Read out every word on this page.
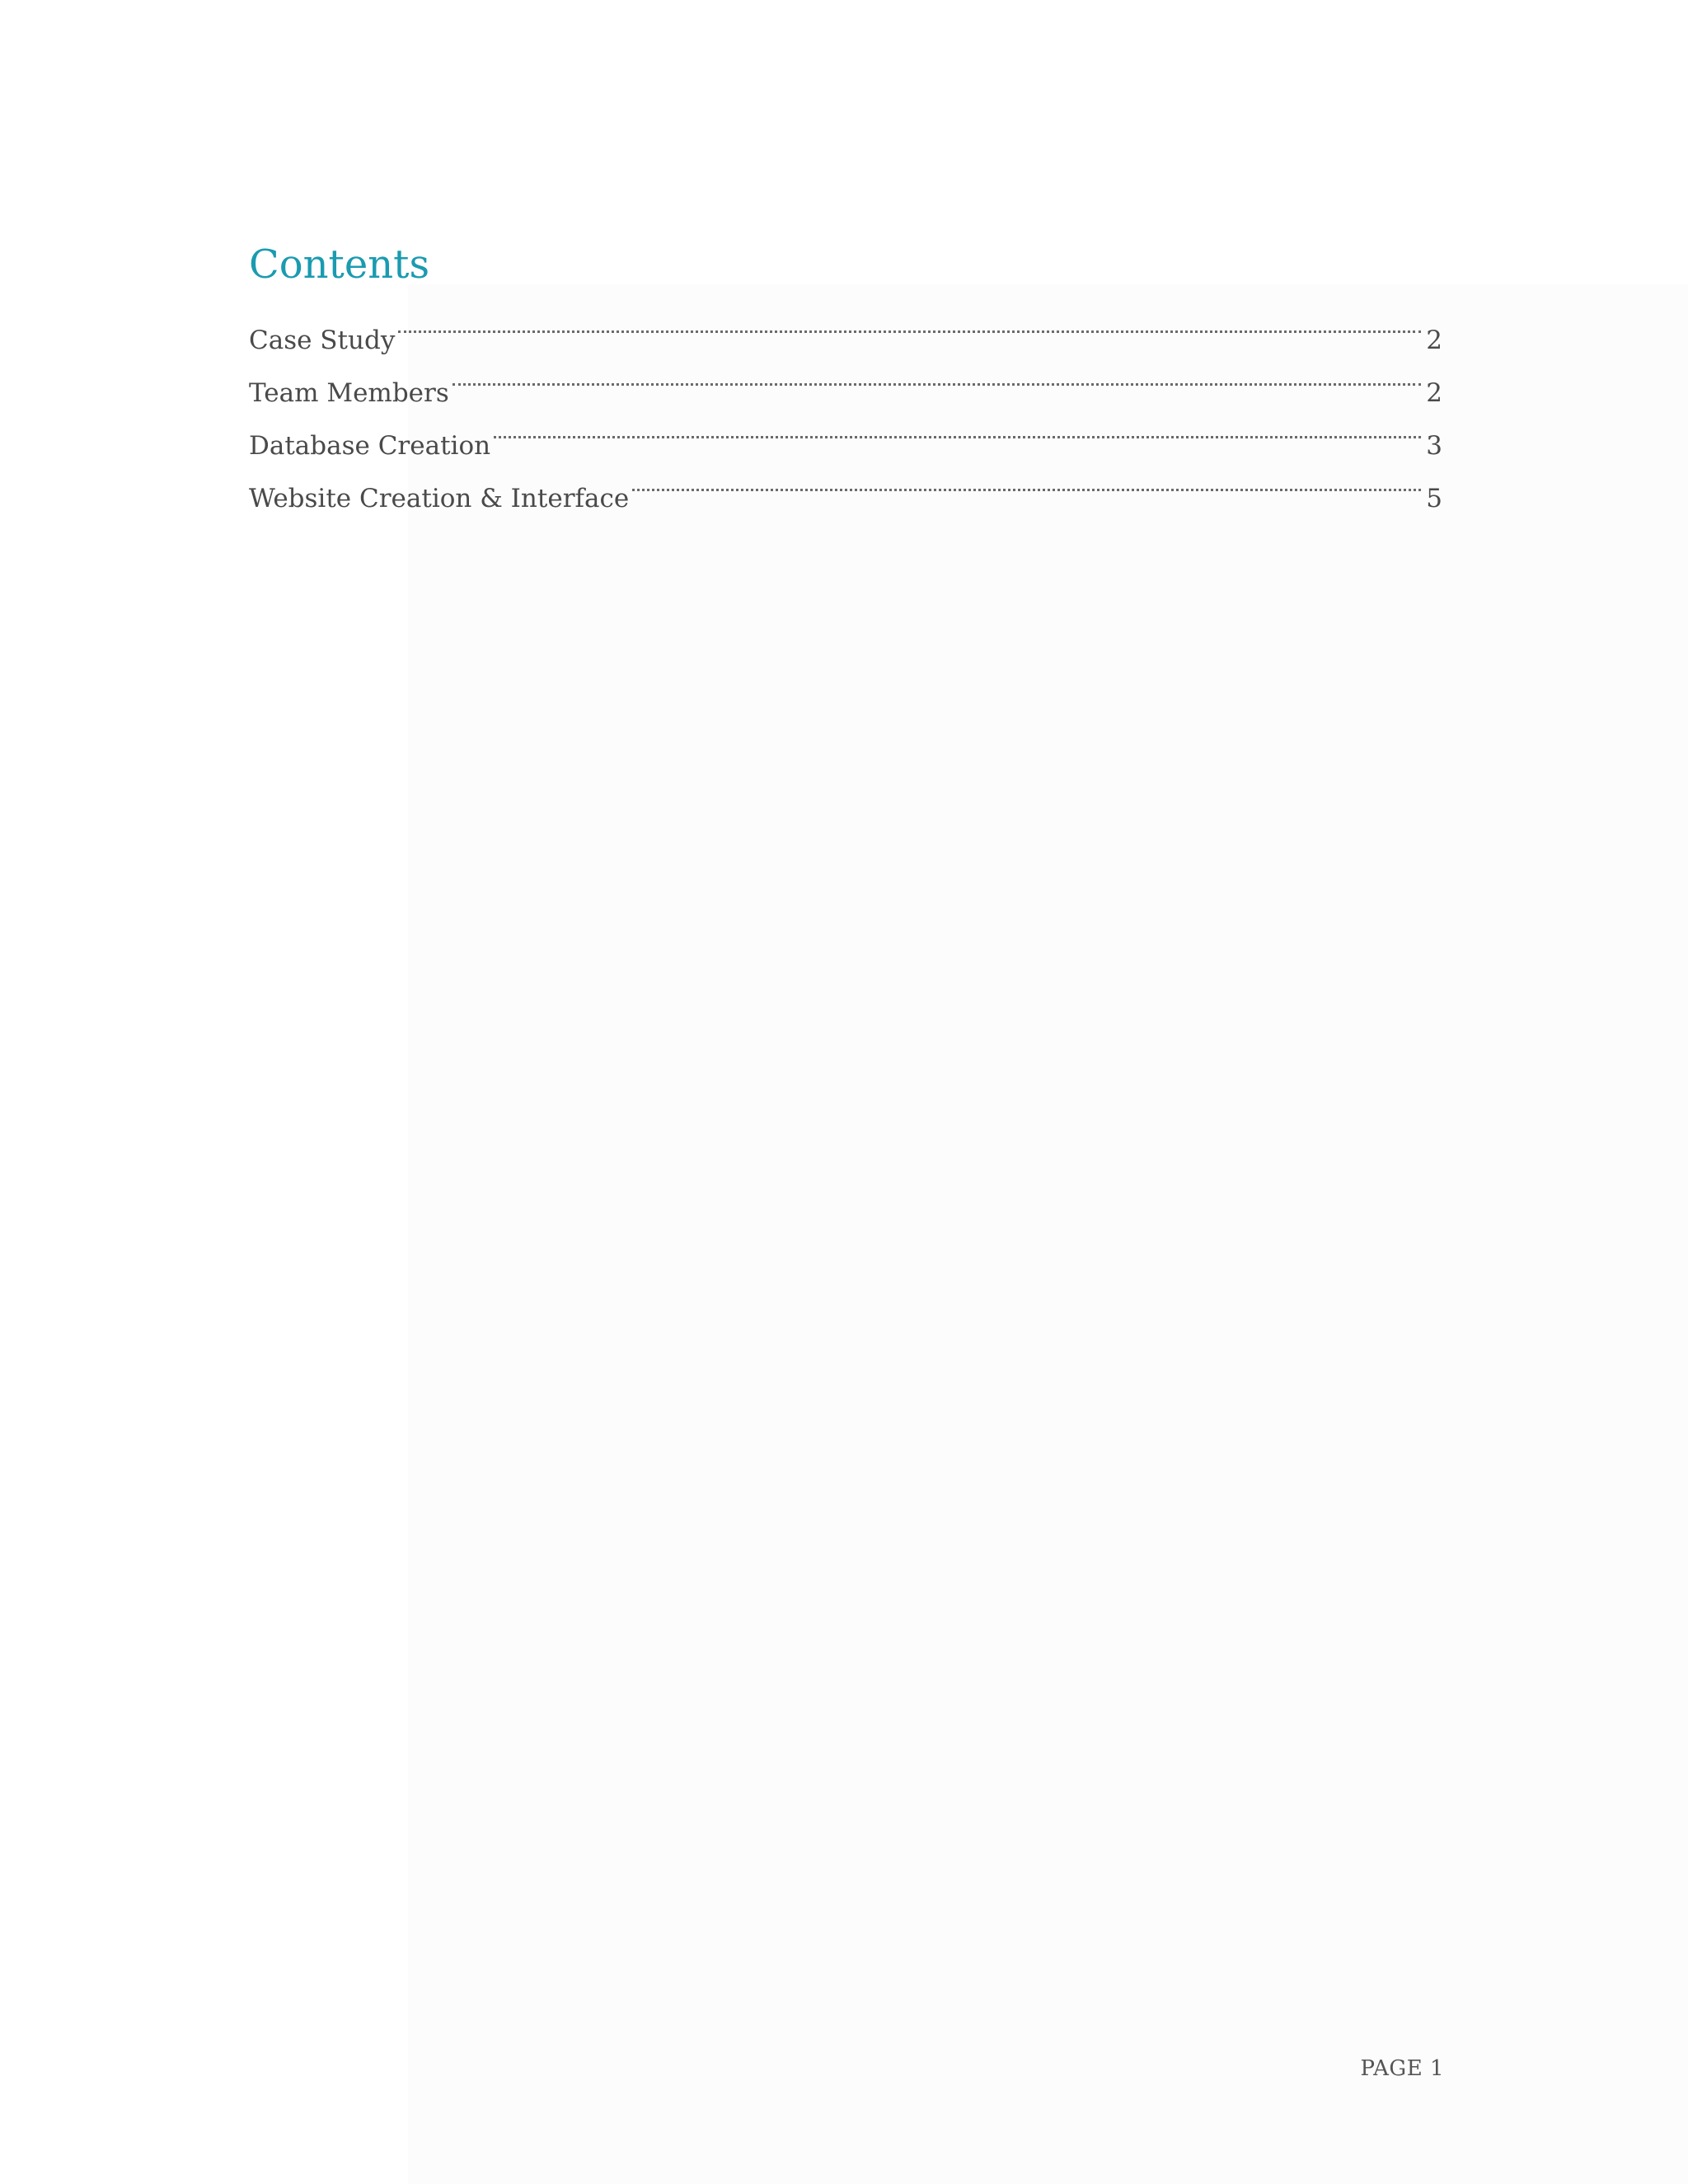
Contents
Case Study	2
Team Members	2
Database Creation	3
Website Creation & Interface	5
PAGE 1
